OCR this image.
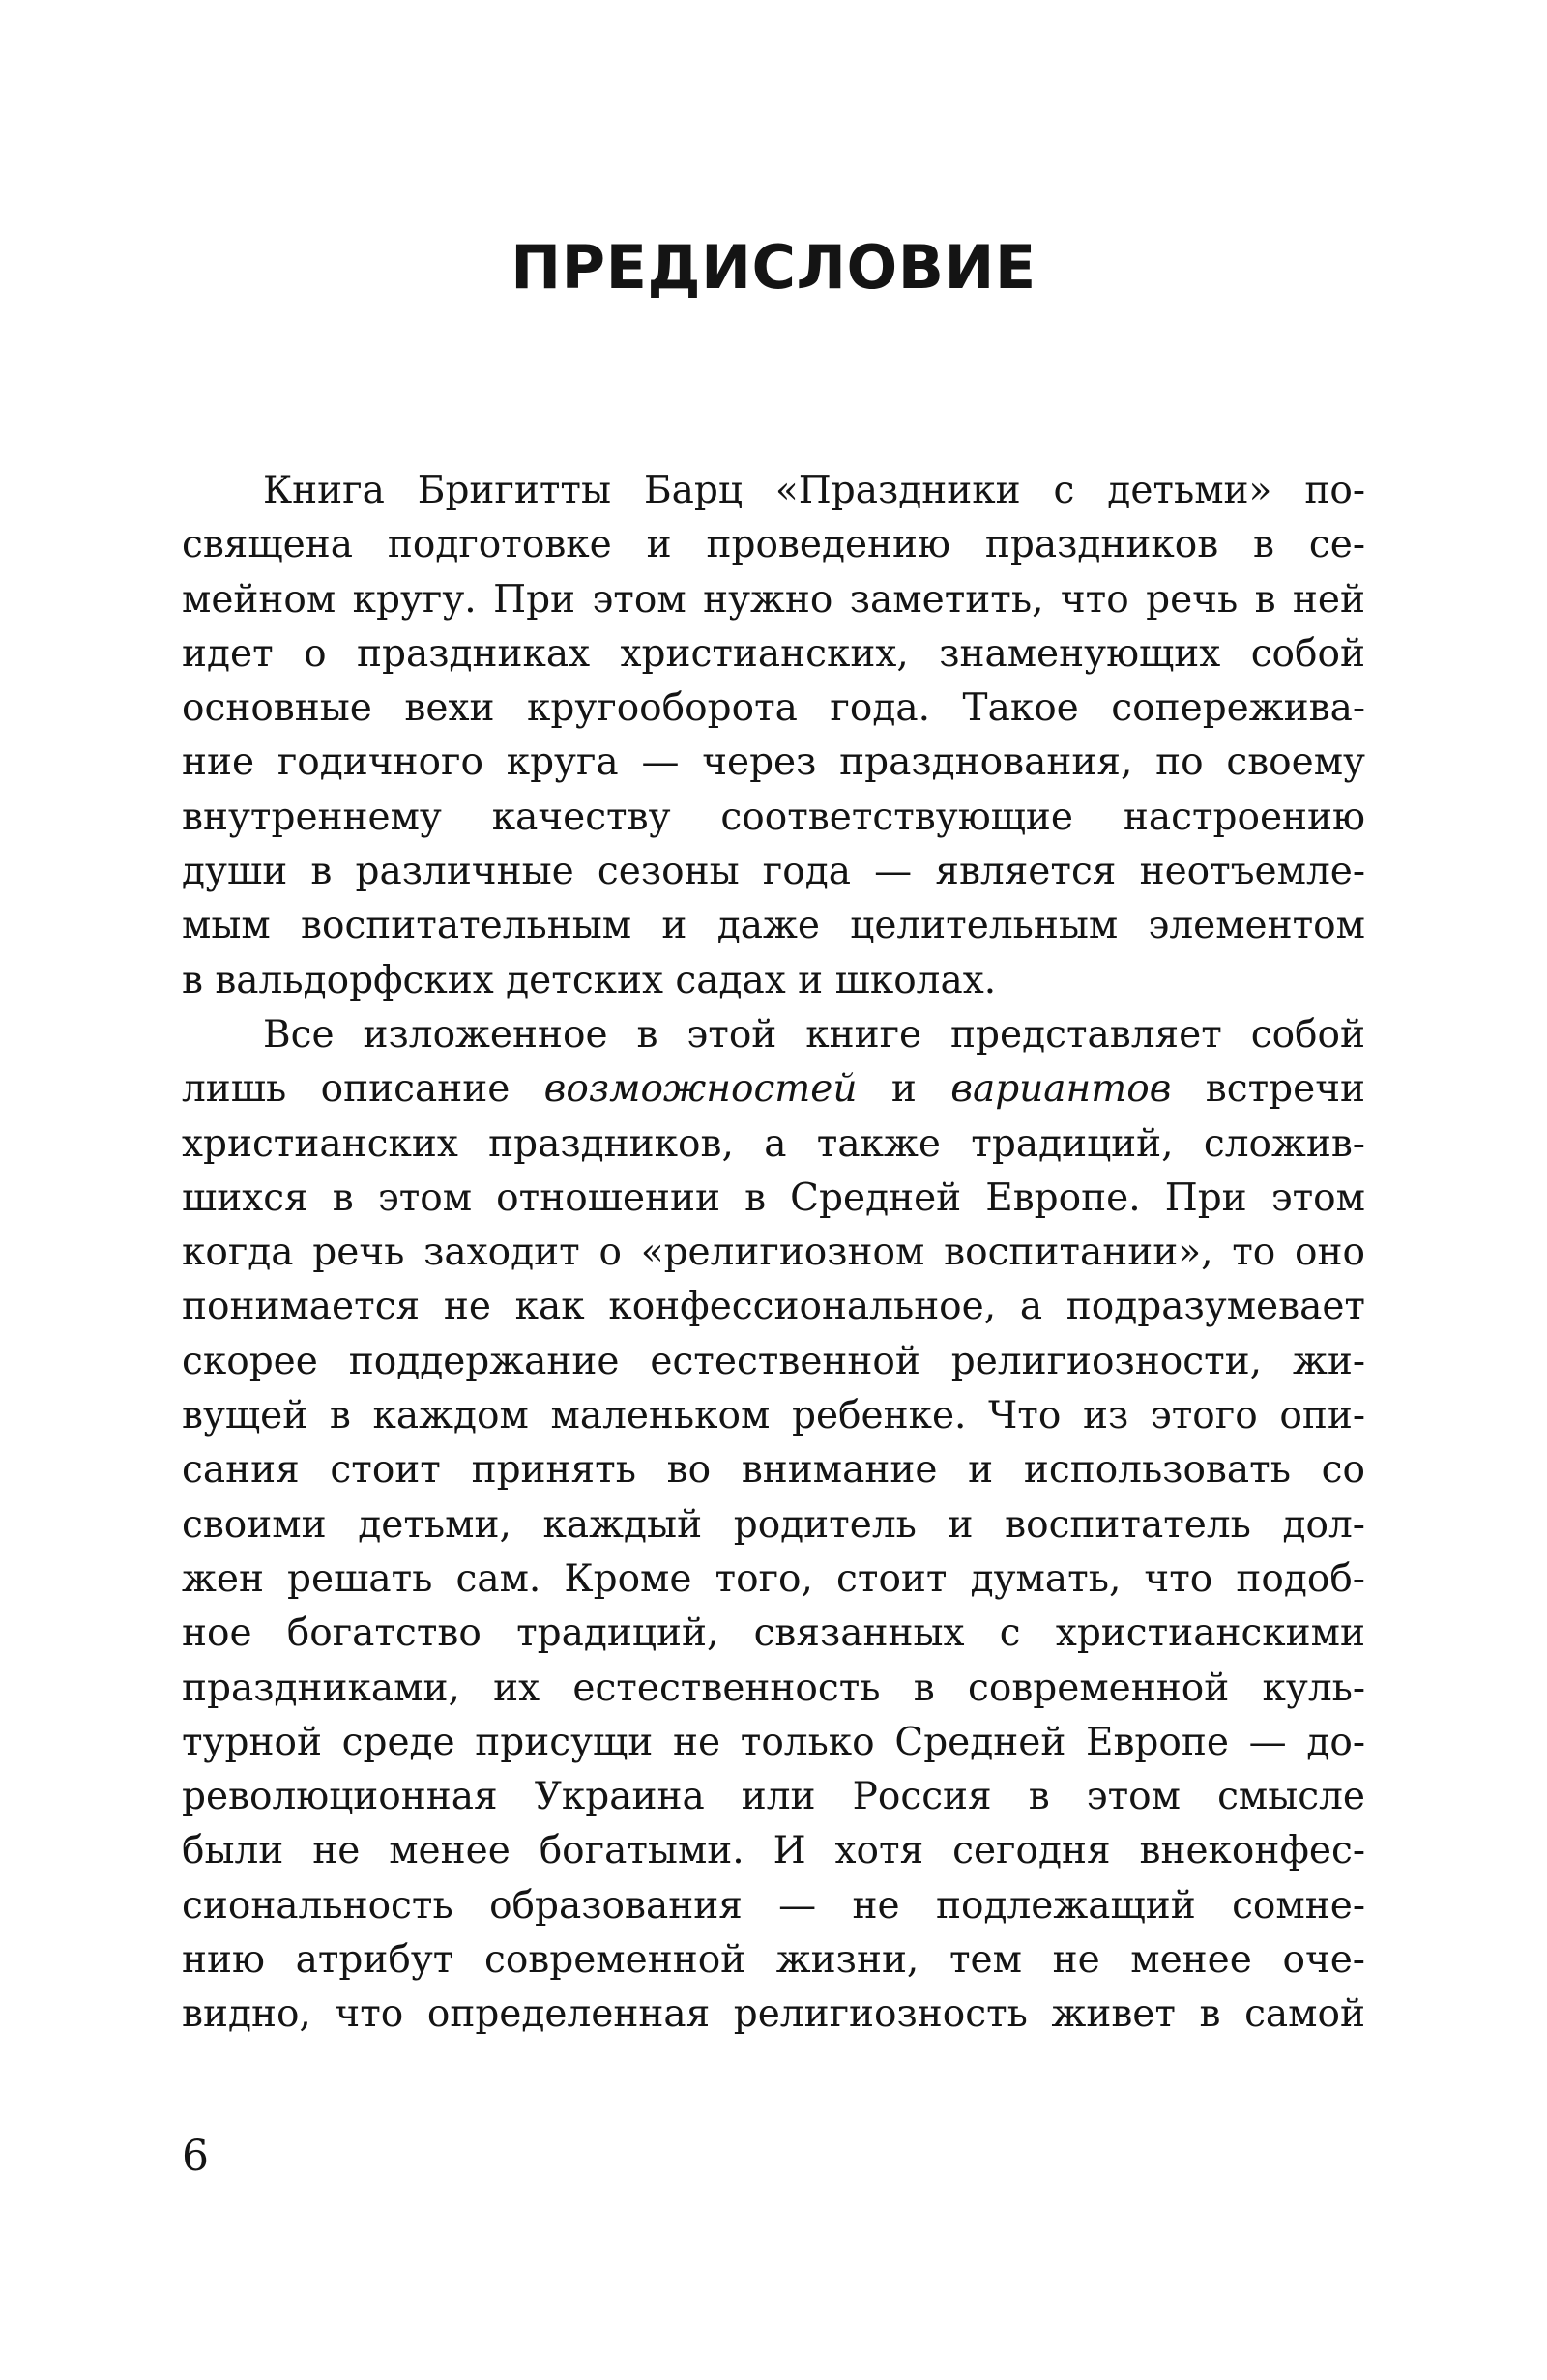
ПРЕДИСЛОВИЕ
Книга Бригитты Барц «Праздники с детьми» по-
священа подготовке и проведению праздников в се-
мейном кругу. При этом нужно заметить, что речь в ней
идет о праздниках христианских, знаменующих собой
основные вехи кругооборота года. Такое сопережива-
ние годичного круга — через празднования, по своему
внутреннему качеству соответствующие настроению
души в различные сезоны года — является неотъемле-
мым воспитательным и даже целительным элементом
в вальдорфских детских садах и школах.
Все изложенное в этой книге представляет собой
лишь описание возможностей и вариантов встречи
христианских праздников, а также традиций, сложив-
шихся в этом отношении в Средней Европе. При этом
когда речь заходит о «религиозном воспитании», то оно
понимается не как конфессиональное, а подразумевает
скорее поддержание естественной религиозности, жи-
вущей в каждом маленьком ребенке. Что из этого опи-
сания стоит принять во внимание и использовать со
своими детьми, каждый родитель и воспитатель дол-
жен решать сам. Кроме того, стоит думать, что подоб-
ное богатство традиций, связанных с христианскими
праздниками, их естественность в современной куль-
турной среде присущи не только Средней Европе — до-
революционная Украина или Россия в этом смысле
были не менее богатыми. И хотя сегодня внеконфес-
сиональность образования — не подлежащий сомне-
нию атрибут современной жизни, тем не менее оче-
видно, что определенная религиозность живет в самой

6
